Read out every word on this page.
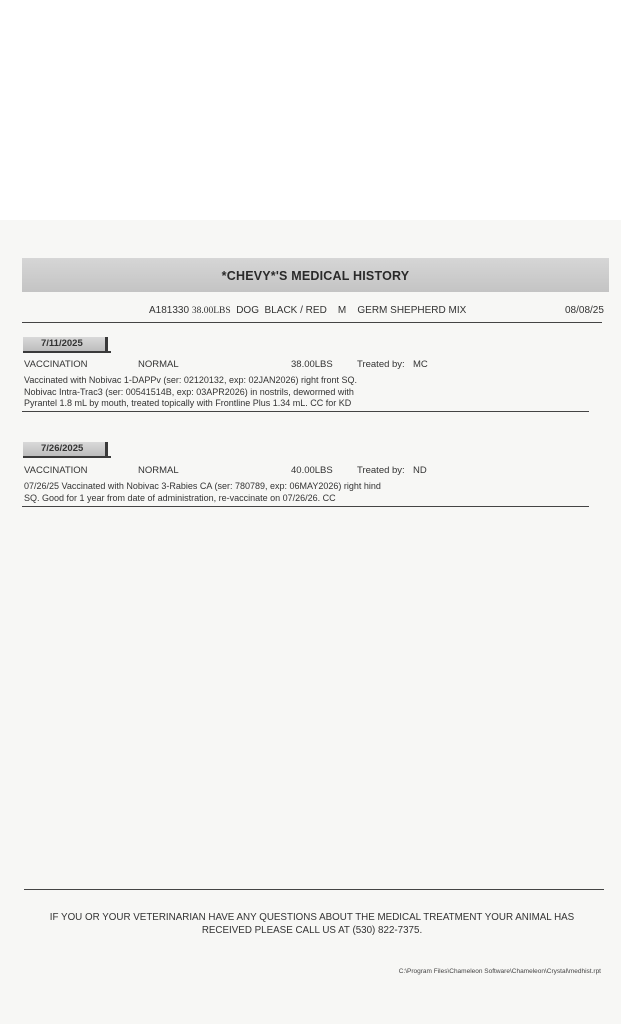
*CHEVY*'S MEDICAL HISTORY
A181330 38.00LBS DOG BLACK / RED M GERM SHEPHERD MIX	08/08/25
7/11/2025
VACCINATION	NORMAL	38.00LBS	Treated by: MC
Vaccinated with Nobivac 1-DAPPv (ser: 02120132, exp: 02JAN2026) right front SQ.
Nobivac Intra-Trac3 (ser: 00541514B, exp: 03APR2026) in nostrils, dewormed with
Pyrantel 1.8 mL by mouth, treated topically with Frontline Plus 1.34 mL. CC for KD
7/26/2025
VACCINATION	NORMAL	40.00LBS	Treated by: ND
07/26/25 Vaccinated with Nobivac 3-Rabies CA (ser: 780789, exp: 06MAY2026) right hind
SQ. Good for 1 year from date of administration, re-vaccinate on 07/26/26. CC
IF YOU OR YOUR VETERINARIAN HAVE ANY QUESTIONS ABOUT THE MEDICAL TREATMENT YOUR ANIMAL HAS
RECEIVED PLEASE CALL US AT (530) 822-7375.
C:\Program Files\Chameleon Software\Chameleon\Crystal\medhist.rpt
